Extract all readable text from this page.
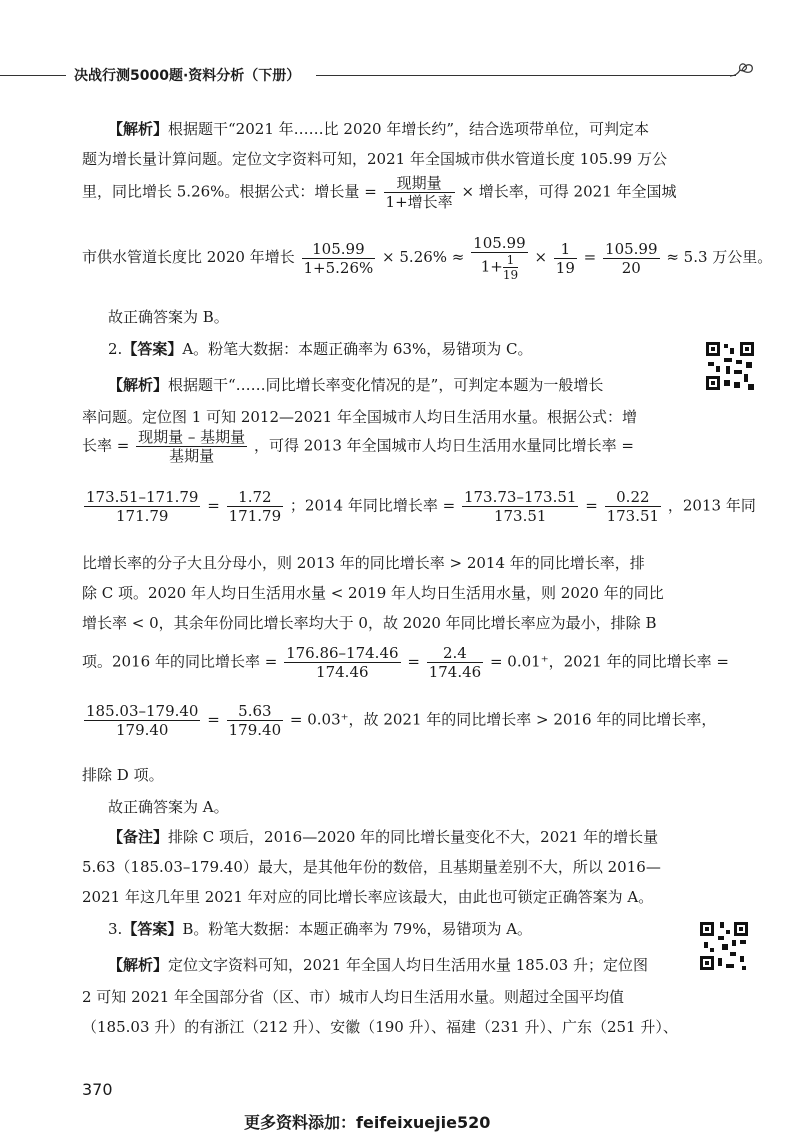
决战行测5000题·资料分析（下册）
【解析】根据题干“2021 年……比 2020 年增长约”，结合选项带单位，可判定本
题为增长量计算问题。定位文字资料可知，2021 年全国城市供水管道长度 105.99 万公
里，同比增长 5.26%。根据公式：增长量 = $\frac{\text{现期量}}{\text{1+增长率}}$ × 增长率，可得 2021 年全国城
市供水管道长度比 2020 年增长 $\frac{105.99}{1+5.26\%} \times 5.26\% \approx \frac{105.99}{1+ \frac{1}{19}} \times \frac{1}{19} = \frac{105.99}{20} \approx 5.3$ 万公里。
故正确答案为 B。
2.【答案】A。粉笔大数据：本题正确率为 63%，易错项为 C。
【解析】根据题干“……同比增长率变化情况的是”，可判定本题为一般增长
率问题。定位图 1 可知 2012—2021 年全国城市人均日生活用水量。根据公式：增
长率 = $\frac{\text{现期量 – 基期量}}{\text{基期量}}$ ，可得 2013 年全国城市人均日生活用水量同比增长率 =
$\frac{173.51-171.79}{171.79} = \frac{1.72}{171.79}$ ；2014 年同比增长率 = $\frac{173.73-173.51}{173.51} = \frac{0.22}{173.51}$ ，2013 年同
比增长率的分子大且分母小，则 2013 年的同比增长率 > 2014 年的同比增长率，排
除 C 项。2020 年人均日生活用水量 < 2019 年人均日生活用水量，则 2020 年的同比
增长率 < 0，其余年份同比增长率均大于 0，故 2020 年同比增长率应为最小，排除 B
项。2016 年的同比增长率 = $\frac{176.86-174.46}{174.46} = \frac{2.4}{174.46} = 0.01^+$，2021 年的同比增长率 =
$\frac{185.03-179.40}{179.40} = \frac{5.63}{179.40} = 0.03^+$，故 2021 年的同比增长率 > 2016 年的同比增长率，
排除 D 项。
故正确答案为 A。
【备注】排除 C 项后，2016—2020 年的同比增长量变化不大，2021 年的增长量
5.63（185.03–179.40）最大，是其他年份的数倍，且基期量差别不大，所以 2016—
2021 年这几年里 2021 年对应的同比增长率应该最大，由此也可锁定正确答案为 A。
3.【答案】B。粉笔大数据：本题正确率为 79%，易错项为 A。
【解析】定位文字资料可知，2021 年全国人均日生活用水量 185.03 升；定位图
2 可知 2021 年全国部分省（区、市）城市人均日生活用水量。则超过全国平均值
（185.03 升）的有浙江（212 升）、安徽（190 升）、福建（231 升）、广东（251 升）、
370
更多资料添加：feifeixuejie520
